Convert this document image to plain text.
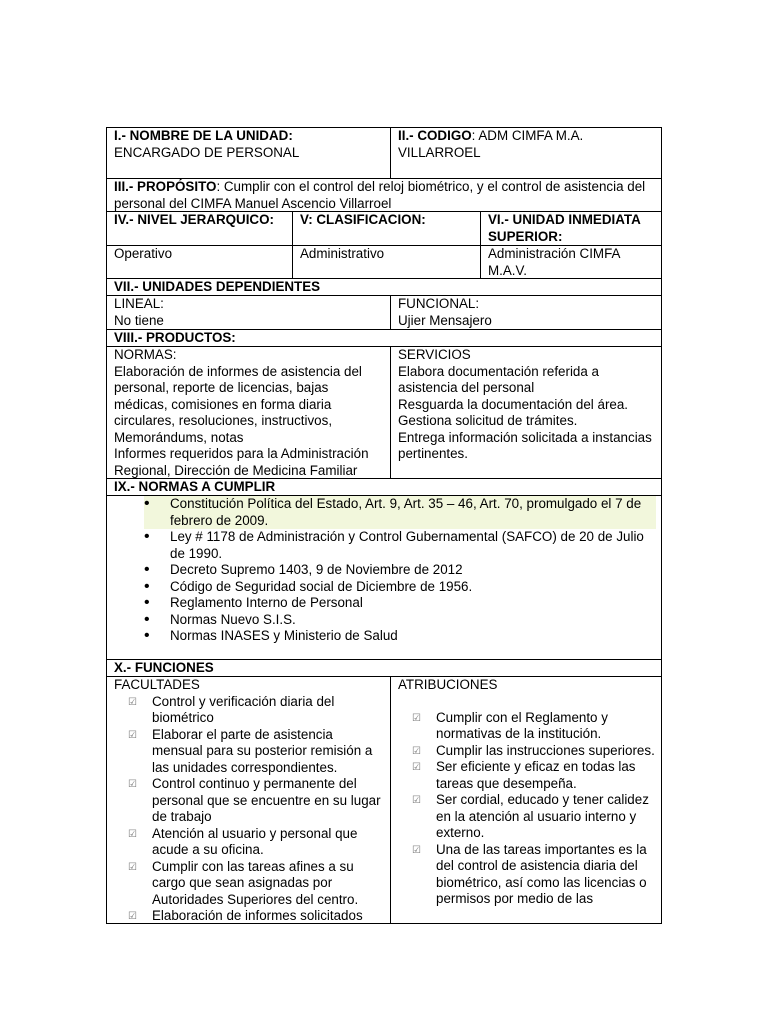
I.- NOMBRE DE LA UNIDAD:
ENCARGADO DE PERSONAL
II.- CODIGO: ADM CIMFA M.A. VILLARROEL
III.- PROPÓSITO: Cumplir con el control del reloj biométrico, y el control de asistencia del personal del CIMFA Manuel Ascencio Villarroel
IV.- NIVEL JERARQUICO:	V: CLASIFICACION:	VI.- UNIDAD INMEDIATA SUPERIOR:
Operativo	Administrativo	Administración CIMFA M.A.V.
VII.- UNIDADES DEPENDIENTES
LINEAL:
No tiene
FUNCIONAL:
Ujier Mensajero
VIII.- PRODUCTOS:
NORMAS:
Elaboración de informes de asistencia del personal, reporte de licencias, bajas médicas, comisiones en forma diaria circulares, resoluciones, instructivos, Memorándums, notas
Informes requeridos para la Administración Regional, Dirección de Medicina Familiar
SERVICIOS
Elabora documentación referida a asistencia del personal
Resguarda la documentación del área.
Gestiona solicitud de trámites.
Entrega información solicitada a instancias pertinentes.
IX.- NORMAS A CUMPLIR
• Constitución Política del Estado, Art. 9, Art. 35 – 46, Art. 70, promulgado el 7 de febrero de 2009.
• Ley # 1178 de Administración y Control Gubernamental (SAFCO) de 20 de Julio de 1990.
• Decreto Supremo 1403, 9 de Noviembre de 2012
• Código de Seguridad social de Diciembre de 1956.
• Reglamento Interno de Personal
• Normas Nuevo S.I.S.
• Normas INASES y Ministerio de Salud
X.- FUNCIONES
FACULTADES
☑ Control y verificación diaria del biométrico
☑ Elaborar el parte de asistencia mensual para su posterior remisión a las unidades correspondientes.
☑ Control continuo y permanente del personal que se encuentre en su lugar de trabajo
☑ Atención al usuario y personal que acude a su oficina.
☑ Cumplir con las tareas afines a su cargo que sean asignadas por Autoridades Superiores del centro.
☑ Elaboración de informes solicitados
ATRIBUCIONES
☑ Cumplir con el Reglamento y normativas de la institución.
☑ Cumplir las instrucciones superiores.
☑ Ser eficiente y eficaz en todas las tareas que desempeña.
☑ Ser cordial, educado y tener calidez en la atención al usuario interno y externo.
☑ Una de las tareas importantes es la del control de asistencia diaria del biométrico, así como las licencias o permisos por medio de las
